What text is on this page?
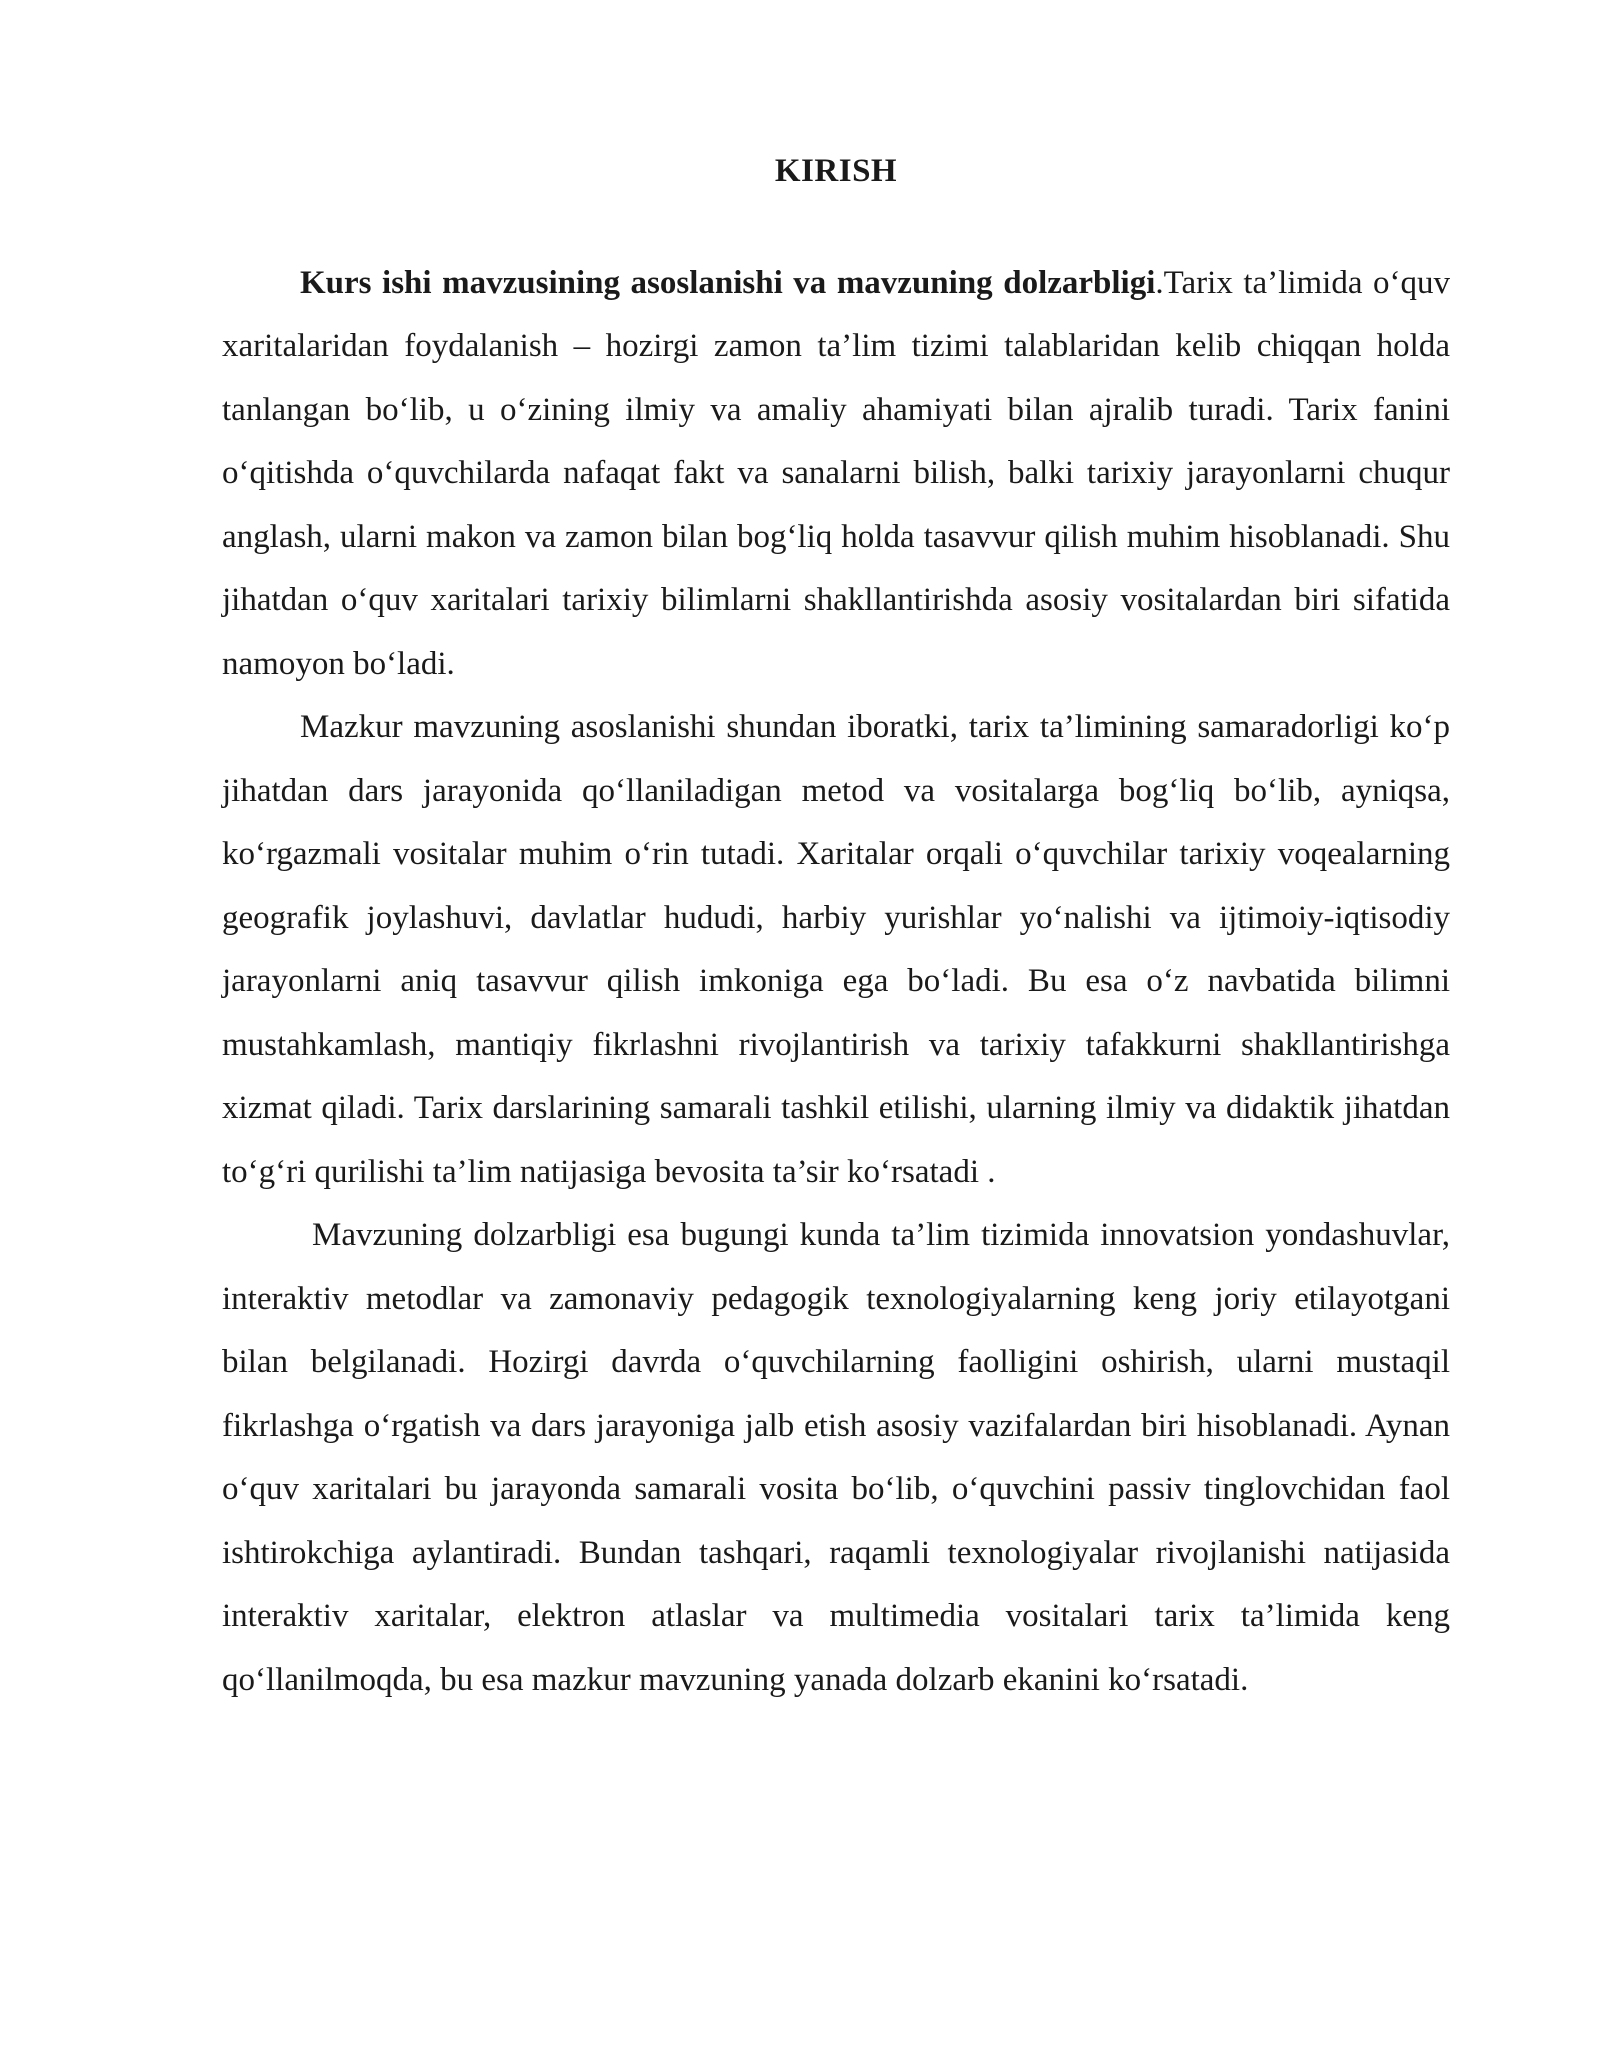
KIRISH

Kurs ishi mavzusining asoslanishi va mavzuning dolzarbligi.Tarix ta’limida o‘quv xaritalaridan foydalanish – hozirgi zamon ta’lim tizimi talablaridan kelib chiqqan holda tanlangan bo‘lib, u o‘zining ilmiy va amaliy ahamiyati bilan ajralib turadi. Tarix fanini o‘qitishda o‘quvchilarda nafaqat fakt va sanalarni bilish, balki tarixiy jarayonlarni chuqur anglash, ularni makon va zamon bilan bog‘liq holda tasavvur qilish muhim hisoblanadi. Shu jihatdan o‘quv xaritalari tarixiy bilimlarni shakllantirishda asosiy vositalardan biri sifatida namoyon bo‘ladi.

Mazkur mavzuning asoslanishi shundan iboratki, tarix ta’limining samaradorligi ko‘p jihatdan dars jarayonida qo‘llaniladigan metod va vositalarga bog‘liq bo‘lib, ayniqsa, ko‘rgazmali vositalar muhim o‘rin tutadi. Xaritalar orqali o‘quvchilar tarixiy voqealarning geografik joylashuvi, davlatlar hududi, harbiy yurishlar yo‘nalishi va ijtimoiy-iqtisodiy jarayonlarni aniq tasavvur qilish imkoniga ega bo‘ladi. Bu esa o‘z navbatida bilimni mustahkamlash, mantiqiy fikrlashni rivojlantirish va tarixiy tafakkurni shakllantirishga xizmat qiladi. Tarix darslarining samarali tashkil etilishi, ularning ilmiy va didaktik jihatdan to‘g‘ri qurilishi ta’lim natijasiga bevosita ta’sir ko‘rsatadi .

Mavzuning dolzarbligi esa bugungi kunda ta’lim tizimida innovatsion yondashuvlar, interaktiv metodlar va zamonaviy pedagogik texnologiyalarning keng joriy etilayotgani bilan belgilanadi. Hozirgi davrda o‘quvchilarning faolligini oshirish, ularni mustaqil fikrlashga o‘rgatish va dars jarayoniga jalb etish asosiy vazifalardan biri hisoblanadi. Aynan o‘quv xaritalari bu jarayonda samarali vosita bo‘lib, o‘quvchini passiv tinglovchidan faol ishtirokchiga aylantiradi. Bundan tashqari, raqamli texnologiyalar rivojlanishi natijasida interaktiv xaritalar, elektron atlaslar va multimedia vositalari tarix ta’limida keng qo‘llanilmoqda, bu esa mazkur mavzuning yanada dolzarb ekanini ko‘rsatadi.
